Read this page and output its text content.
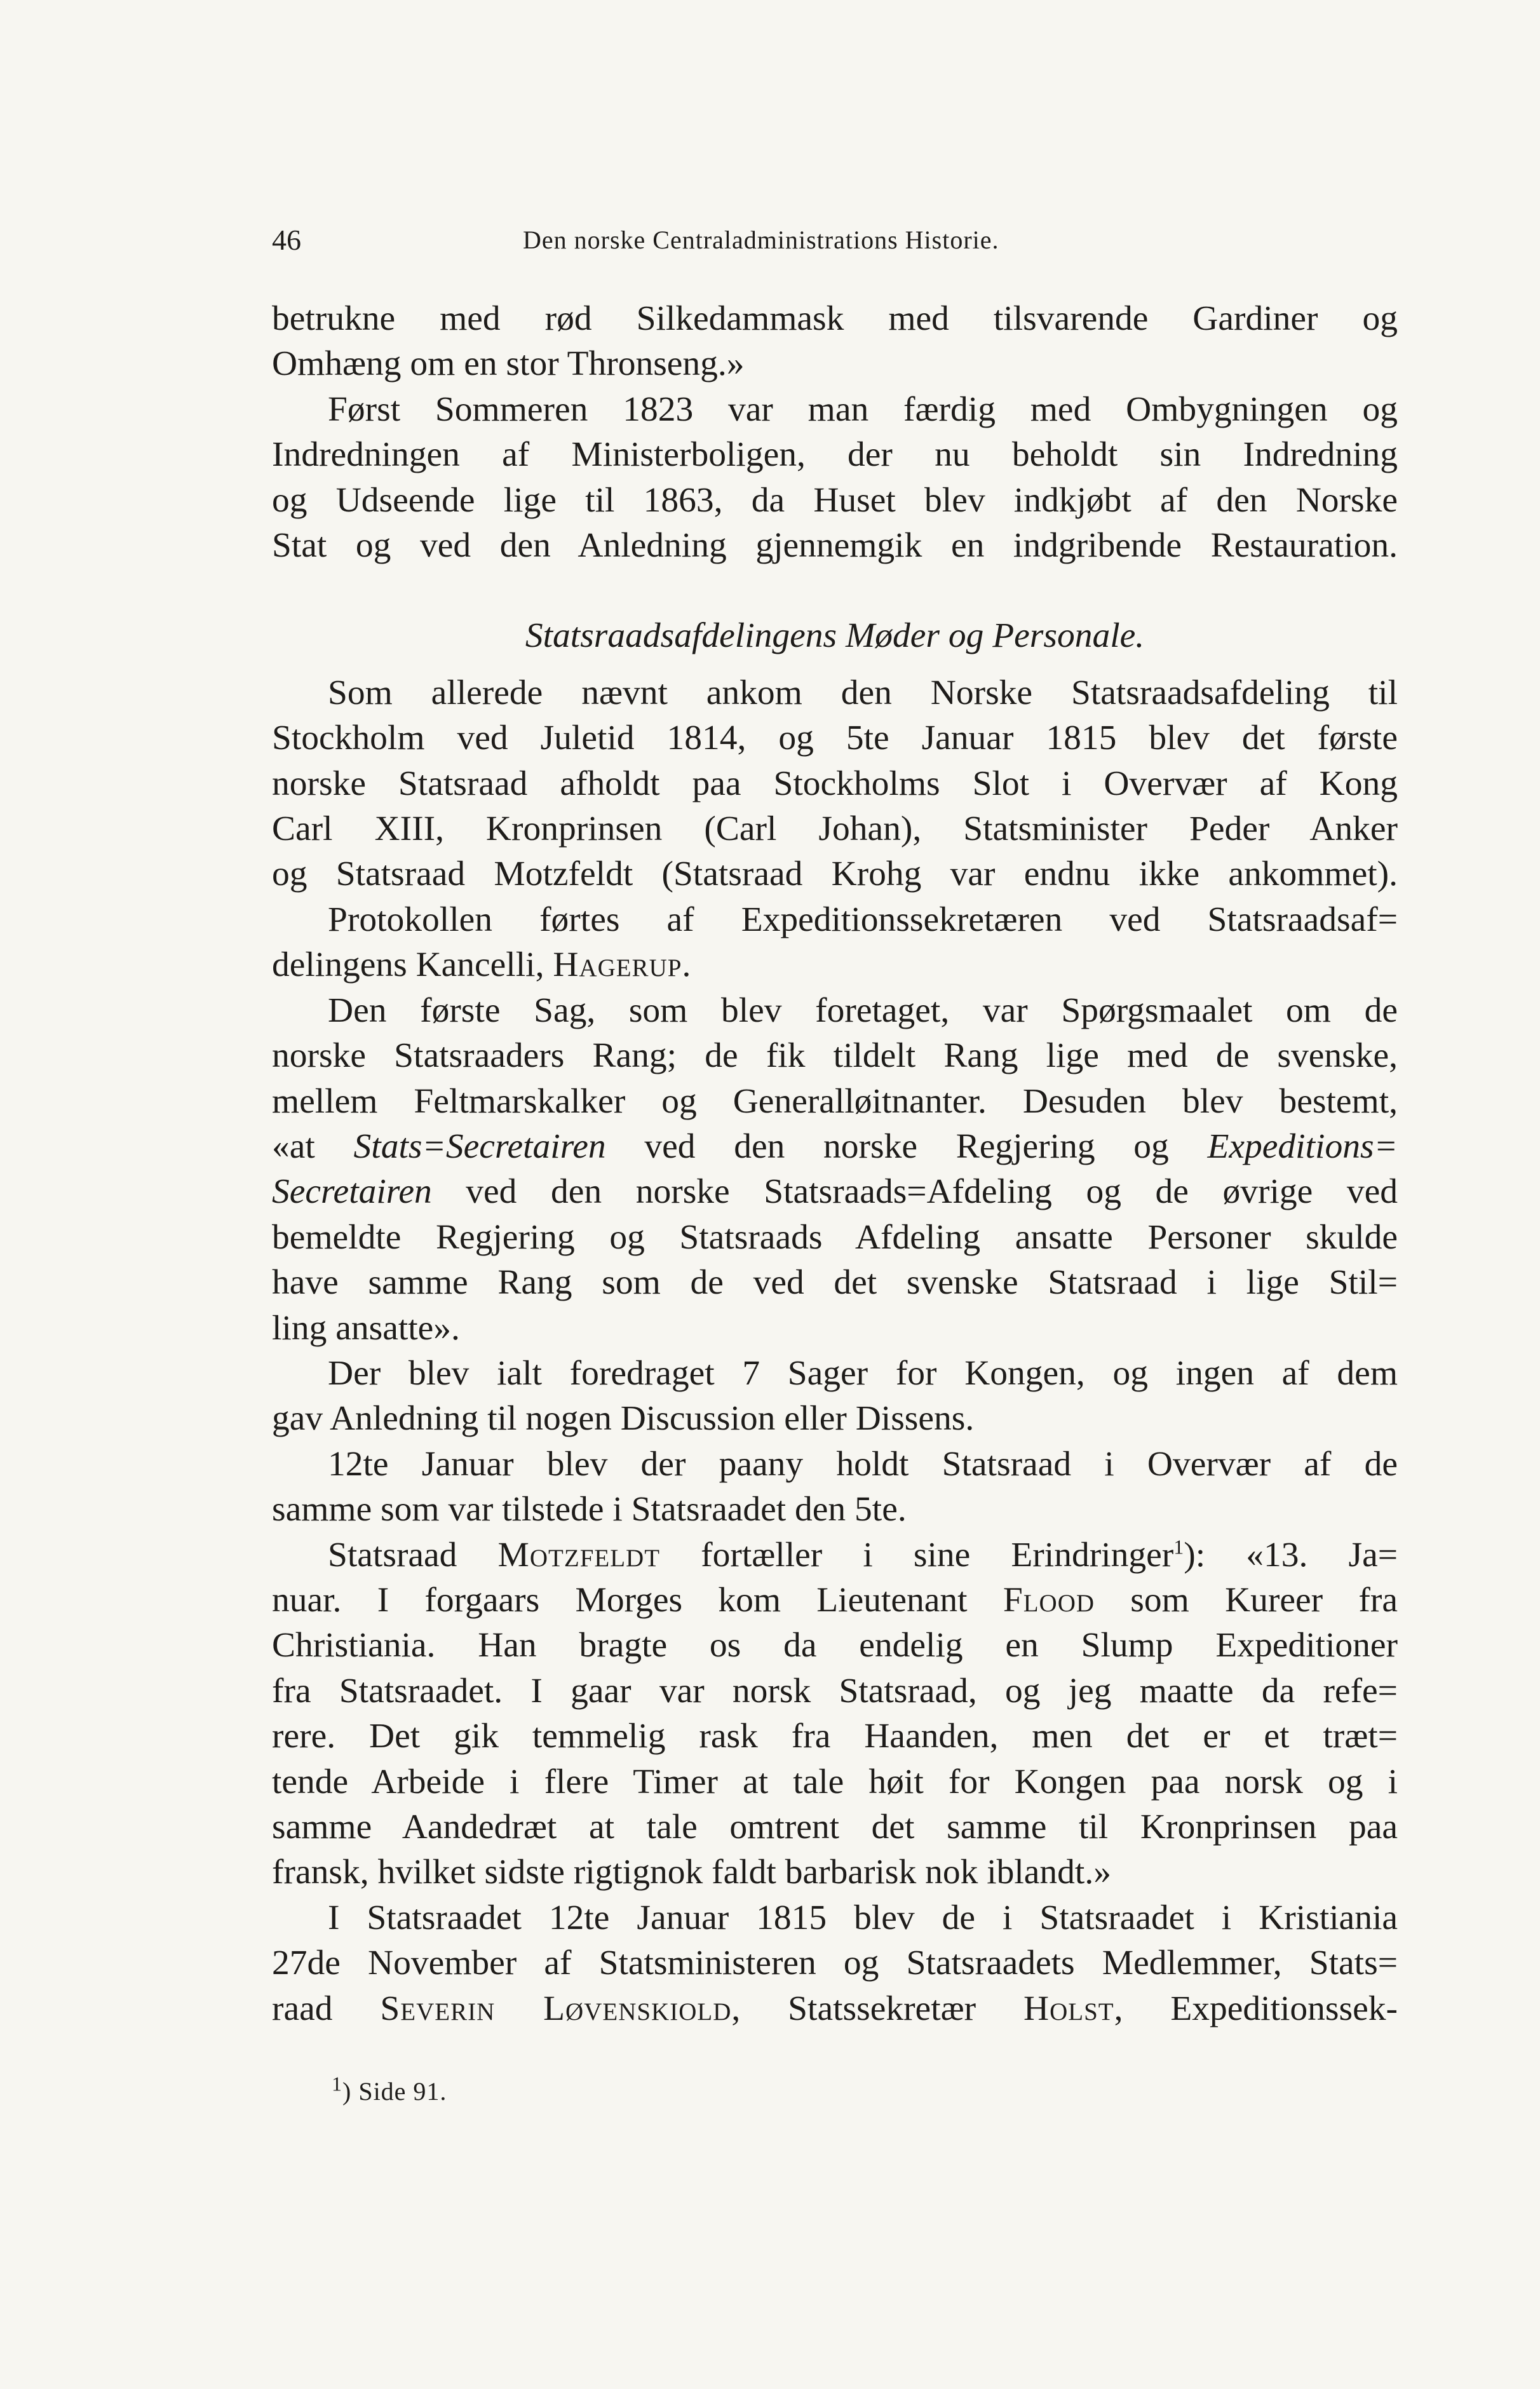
46	Den norske Centraladministrations Historie.

betrukne med rød Silkedammask med tilsvarende Gardiner og
Omhæng om en stor Thronseng.»

Først Sommeren 1823 var man færdig med Ombygningen og
Indredningen af Ministerboligen, der nu beholdt sin Indredning
og Udseende lige til 1863, da Huset blev indkjøbt af den Norske
Stat og ved den Anledning gjennemgik en indgribende Restauration.

Statsraadsafdelingens Møder og Personale.

Som allerede nævnt ankom den Norske Statsraadsafdeling til
Stockholm ved Juletid 1814, og 5te Januar 1815 blev det første
norske Statsraad afholdt paa Stockholms Slot i Overvær af Kong
Carl XIII, Kronprinsen (Carl Johan), Statsminister Peder Anker
og Statsraad Motzfeldt (Statsraad Krohg var endnu ikke ankommet).

Protokollen førtes af Expeditionssekretæren ved Statsraadsaf=
delingens Kancelli, Hagerup.

Den første Sag, som blev foretaget, var Spørgsmaalet om de
norske Statsraaders Rang; de fik tildelt Rang lige med de svenske,
mellem Feltmarskalker og Generalløitnanter. Desuden blev bestemt,
«at Stats=Secretairen ved den norske Regjering og Expeditions=
Secretairen ved den norske Statsraads=Afdeling og de øvrige ved
bemeldte Regjering og Statsraads Afdeling ansatte Personer skulde
have samme Rang som de ved det svenske Statsraad i lige Stil=
ling ansatte».

Der blev ialt foredraget 7 Sager for Kongen, og ingen af dem
gav Anledning til nogen Discussion eller Dissens.

12te Januar blev der paany holdt Statsraad i Overvær af de
samme som var tilstede i Statsraadet den 5te.

Statsraad Motzfeldt fortæller i sine Erindringer$^1$): «13. Ja=
nuar. I forgaars Morges kom Lieutenant Flood som Kureer fra
Christiania. Han bragte os da endelig en Slump Expeditioner
fra Statsraadet. I gaar var norsk Statsraad, og jeg maatte da refe=
rere. Det gik temmelig rask fra Haanden, men det er et træt=
tende Arbeide i flere Timer at tale høit for Kongen paa norsk og i
samme Aandedræt at tale omtrent det samme til Kronprinsen paa
fransk, hvilket sidste rigtignok faldt barbarisk nok iblandt.»

I Statsraadet 12te Januar 1815 blev de i Statsraadet i Kristiania
27de November af Statsministeren og Statsraadets Medlemmer, Stats=
raad Severin Løvenskiold, Statssekretær Holst, Expeditionssek-

$^1$) Side 91.
